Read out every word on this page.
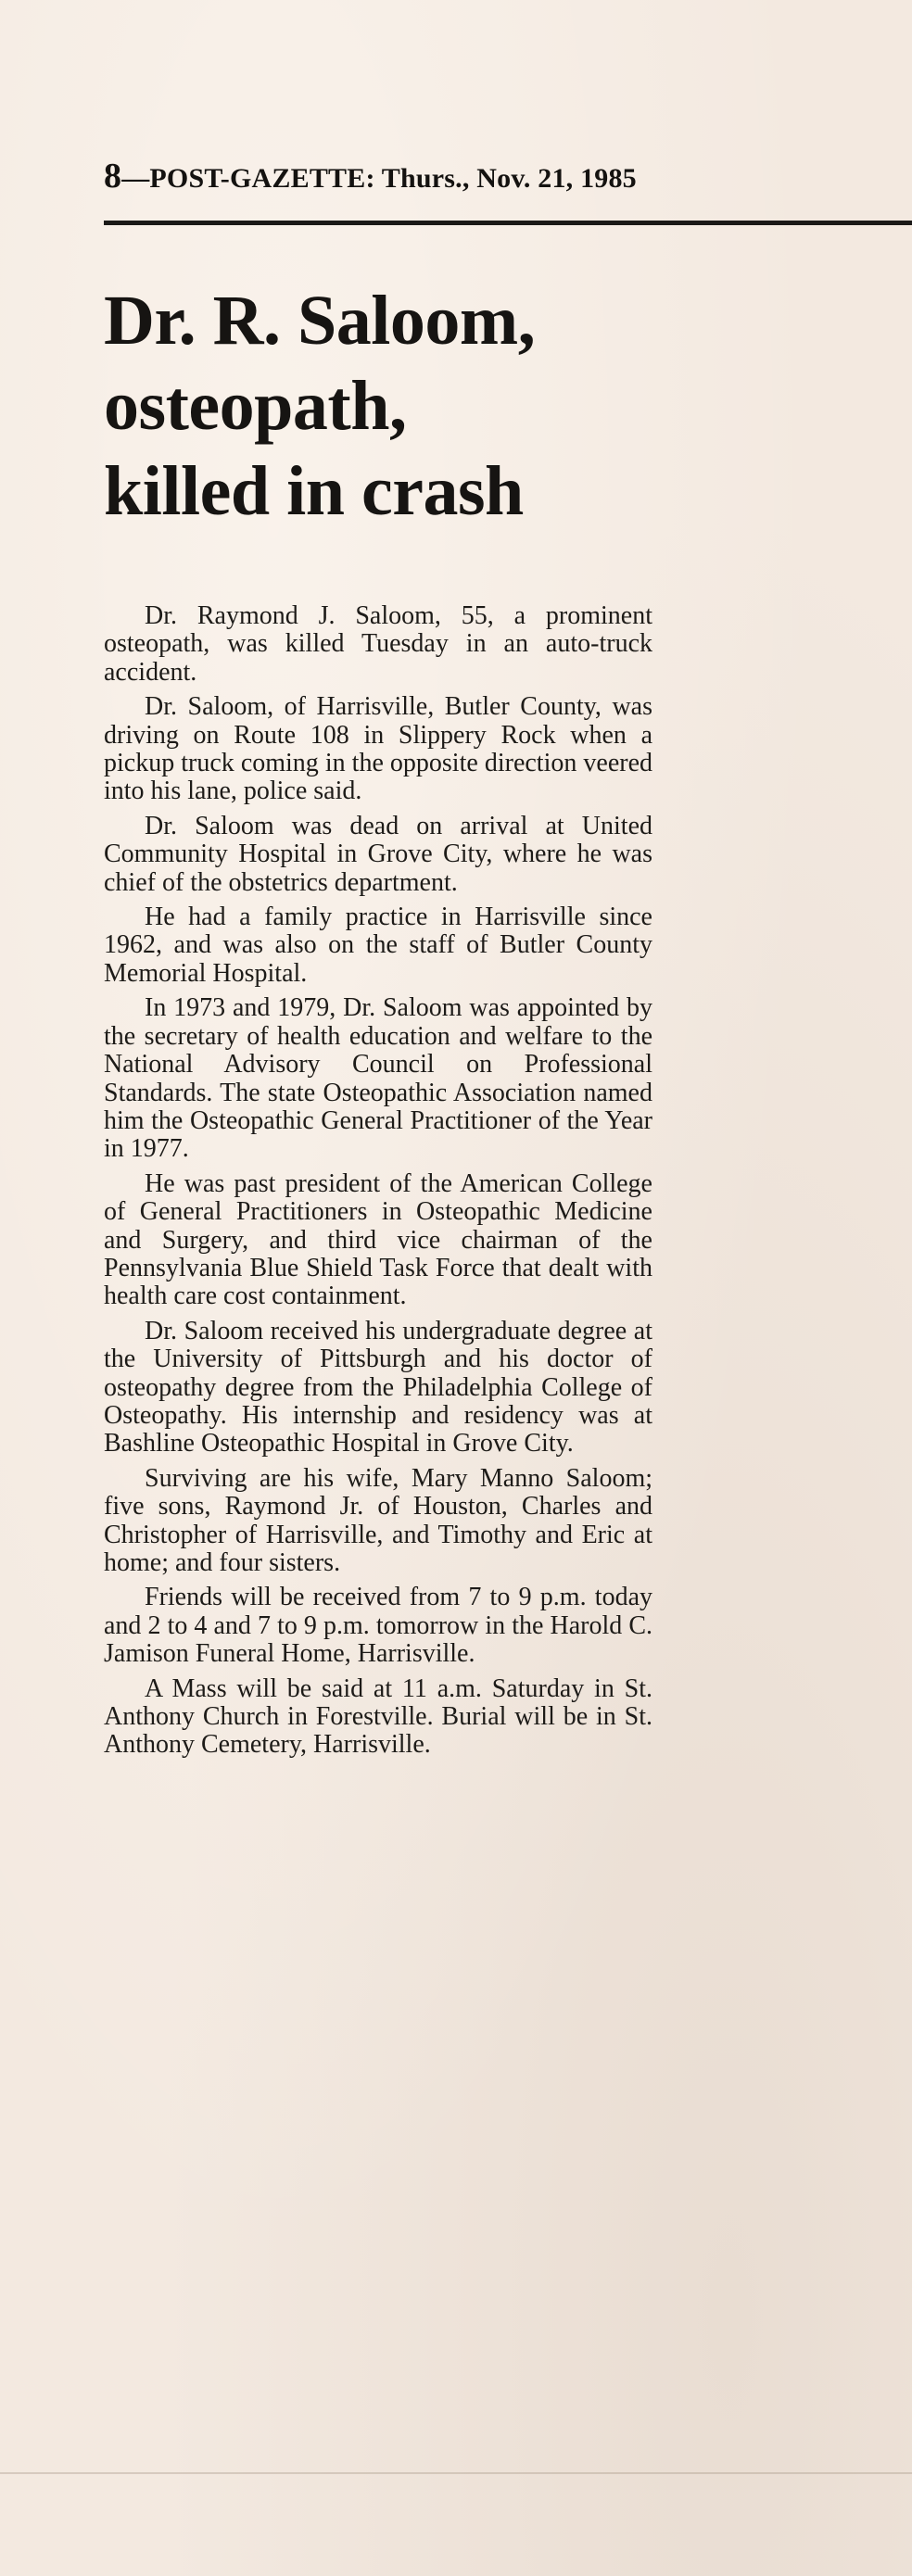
8—POST-GAZETTE: Thurs., Nov. 21, 1985
Dr. R. Saloom,
osteopath,
killed in crash

Dr. Raymond J. Saloom, 55, a prominent osteopath, was killed Tuesday in an auto-truck accident.

Dr. Saloom, of Harrisville, Butler County, was driving on Route 108 in Slippery Rock when a pickup truck coming in the opposite direction veered into his lane, police said.

Dr. Saloom was dead on arrival at United Community Hospital in Grove City, where he was chief of the obstetrics department.

He had a family practice in Harrisville since 1962, and was also on the staff of Butler County Memorial Hospital.

In 1973 and 1979, Dr. Saloom was appointed by the secretary of health education and welfare to the National Advisory Council on Professional Standards. The state Osteopathic Association named him the Osteopathic General Practitioner of the Year in 1977.

He was past president of the American College of General Practitioners in Osteopathic Medicine and Surgery, and third vice chairman of the Pennsylvania Blue Shield Task Force that dealt with health care cost containment.

Dr. Saloom received his undergraduate degree at the University of Pittsburgh and his doctor of osteopathy degree from the Philadelphia College of Osteopathy. His internship and residency was at Bashline Osteopathic Hospital in Grove City.

Surviving are his wife, Mary Manno Saloom; five sons, Raymond Jr. of Houston, Charles and Christopher of Harrisville, and Timothy and Eric at home; and four sisters.

Friends will be received from 7 to 9 p.m. today and 2 to 4 and 7 to 9 p.m. tomorrow in the Harold C. Jamison Funeral Home, Harrisville.

A Mass will be said at 11 a.m. Saturday in St. Anthony Church in Forestville. Burial will be in St. Anthony Cemetery, Harrisville.
